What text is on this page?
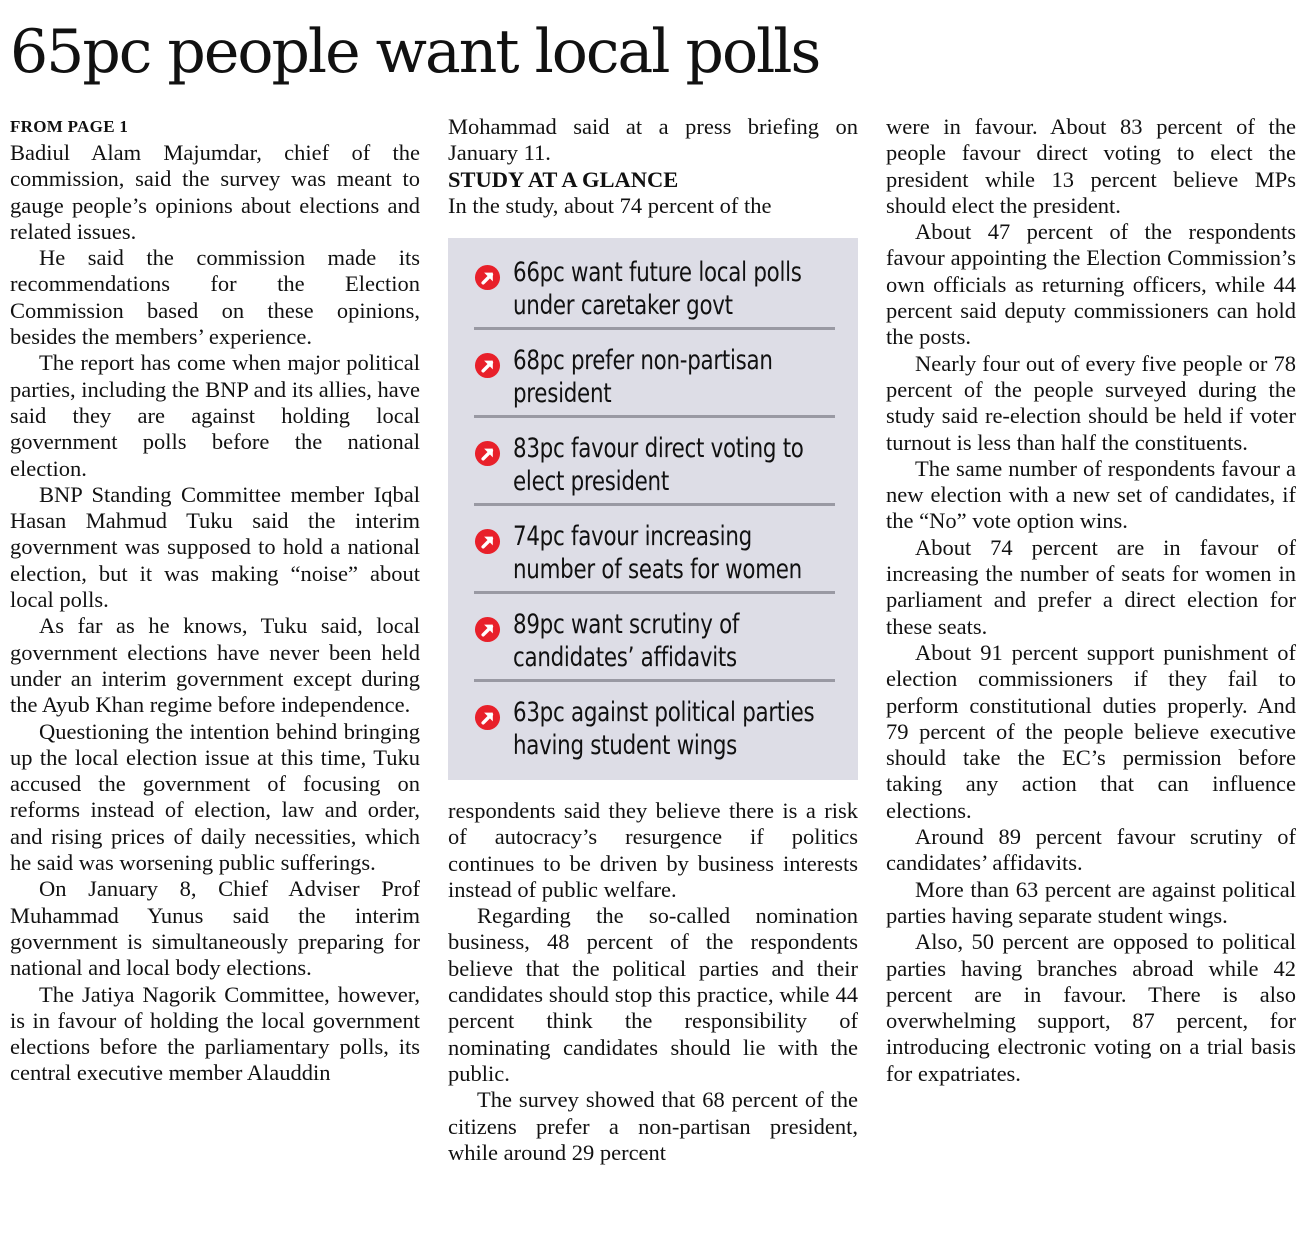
65pc people want local polls
FROM PAGE 1

Badiul Alam Majumdar, chief of the commission, said the survey was meant to gauge people’s opinions about elections and related issues.

He said the commission made its recommendations for the Election Commission based on these opinions, besides the members’ experience.

The report has come when major political parties, including the BNP and its allies, have said they are against holding local government polls before the national election.

BNP Standing Committee member Iqbal Hasan Mahmud Tuku said the interim government was supposed to hold a national election, but it was making “noise” about local polls.

As far as he knows, Tuku said, local government elections have never been held under an interim government except during the Ayub Khan regime before independence.

Questioning the intention behind bringing up the local election issue at this time, Tuku accused the government of focusing on reforms instead of election, law and order, and rising prices of daily necessities, which he said was worsening public sufferings.

On January 8, Chief Adviser Prof Muhammad Yunus said the interim government is simultaneously preparing for national and local body elections.

The Jatiya Nagorik Committee, however, is in favour of holding the local government elections before the parliamentary polls, its central executive member Alauddin

Mohammad said at a press briefing on January 11.

STUDY AT A GLANCE

In the study, about 74 percent of the

66pc want future local polls
under caretaker govt
68pc prefer non-partisan
president
83pc favour direct voting to
elect president
74pc favour increasing
number of seats for women
89pc want scrutiny of
candidates’ affidavits
63pc against political parties
having student wings

respondents said they believe there is a risk of autocracy’s resurgence if politics continues to be driven by business interests instead of public welfare.

Regarding the so-called nomination business, 48 percent of the respondents believe that the political parties and their candidates should stop this practice, while 44 percent think the responsibility of nominating candidates should lie with the public.

The survey showed that 68 percent of the citizens prefer a non-partisan president, while around 29 percent

were in favour. About 83 percent of the people favour direct voting to elect the president while 13 percent believe MPs should elect the president.

About 47 percent of the respondents favour appointing the Election Commission’s own officials as returning officers, while 44 percent said deputy commissioners can hold the posts.

Nearly four out of every five people or 78 percent of the people surveyed during the study said re-election should be held if voter turnout is less than half the constituents.

The same number of respondents favour a new election with a new set of candidates, if the “No” vote option wins.

About 74 percent are in favour of increasing the number of seats for women in parliament and prefer a direct election for these seats.

About 91 percent support punishment of election commissioners if they fail to perform constitutional duties properly. And 79 percent of the people believe executive should take the EC’s permission before taking any action that can influence elections.

Around 89 percent favour scrutiny of candidates’ affidavits.

More than 63 percent are against political parties having separate student wings.

Also, 50 percent are opposed to political parties having branches abroad while 42 percent are in favour. There is also overwhelming support, 87 percent, for introducing electronic voting on a trial basis for expatriates.
